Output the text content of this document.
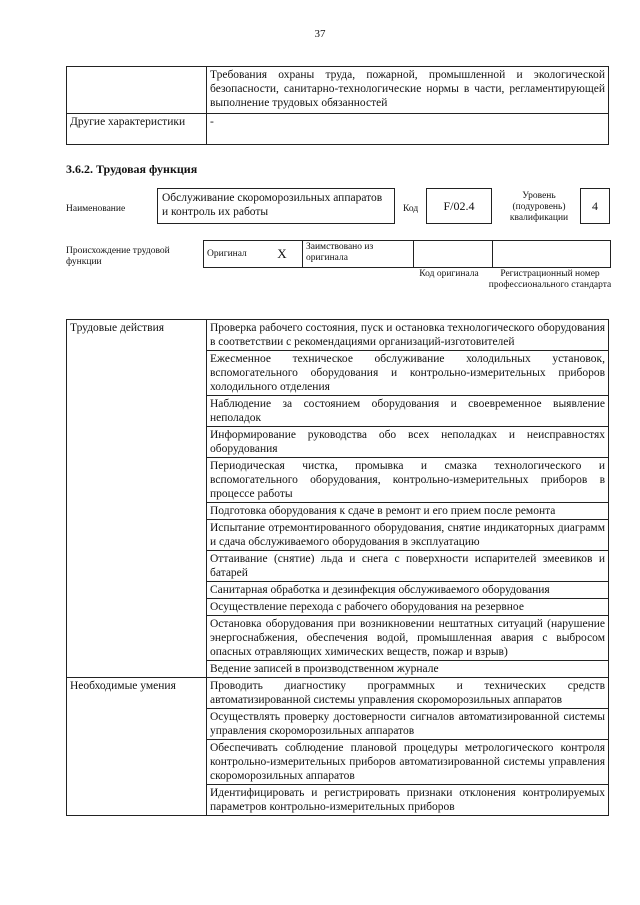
37
	Требования охраны труда, пожарной, промышленной и экологической безопасности, санитарно-технологические нормы в части, регламентирующей выполнение трудовых обязанностей
Другие характеристики	-
3.6.2. Трудовая функция
Наименование
Обслуживание скороморозильных аппаратов и контроль их работы	Код	F/02.4
Уровень (подуровень) квалификации
4
Происхождение трудовой функции
Оригинал	X	Заимствовано из оригинала		
Код оригинала	Регистрационный номер профессионального стандарта
Трудовые действия	Проверка рабочего состояния, пуск и остановка технологического оборудования в соответствии с рекомендациями организаций-изготовителей
	Ежесменное техническое обслуживание холодильных установок, вспомогательного оборудования и контрольно-измерительных приборов холодильного отделения
	Наблюдение за состоянием оборудования и своевременное выявление неполадок
	Информирование руководства обо всех неполадках и неисправностях оборудования
	Периодическая чистка, промывка и смазка технологического и вспомогательного оборудования, контрольно-измерительных приборов в процессе работы
	Подготовка оборудования к сдаче в ремонт и его прием после ремонта
	Испытание отремонтированного оборудования, снятие индикаторных диаграмм и сдача обслуживаемого оборудования в эксплуатацию
	Оттаивание (снятие) льда и снега с поверхности испарителей змеевиков и батарей
	Санитарная обработка и дезинфекция обслуживаемого оборудования
	Осуществление перехода с рабочего оборудования на резервное
	Остановка оборудования при возникновении нештатных ситуаций (нарушение энергоснабжения, обеспечения водой, промышленная авария с выбросом опасных отравляющих химических веществ, пожар и взрыв)
	Ведение записей в производственном журнале
Необходимые умения	Проводить диагностику программных и технических средств автоматизированной системы управления скороморозильных аппаратов
	Осуществлять проверку достоверности сигналов автоматизированной системы управления скороморозильных аппаратов
	Обеспечивать соблюдение плановой процедуры метрологического контроля контрольно-измерительных приборов автоматизированной системы управления скороморозильных аппаратов
	Идентифицировать и регистрировать признаки отклонения контролируемых параметров контрольно-измерительных приборов
